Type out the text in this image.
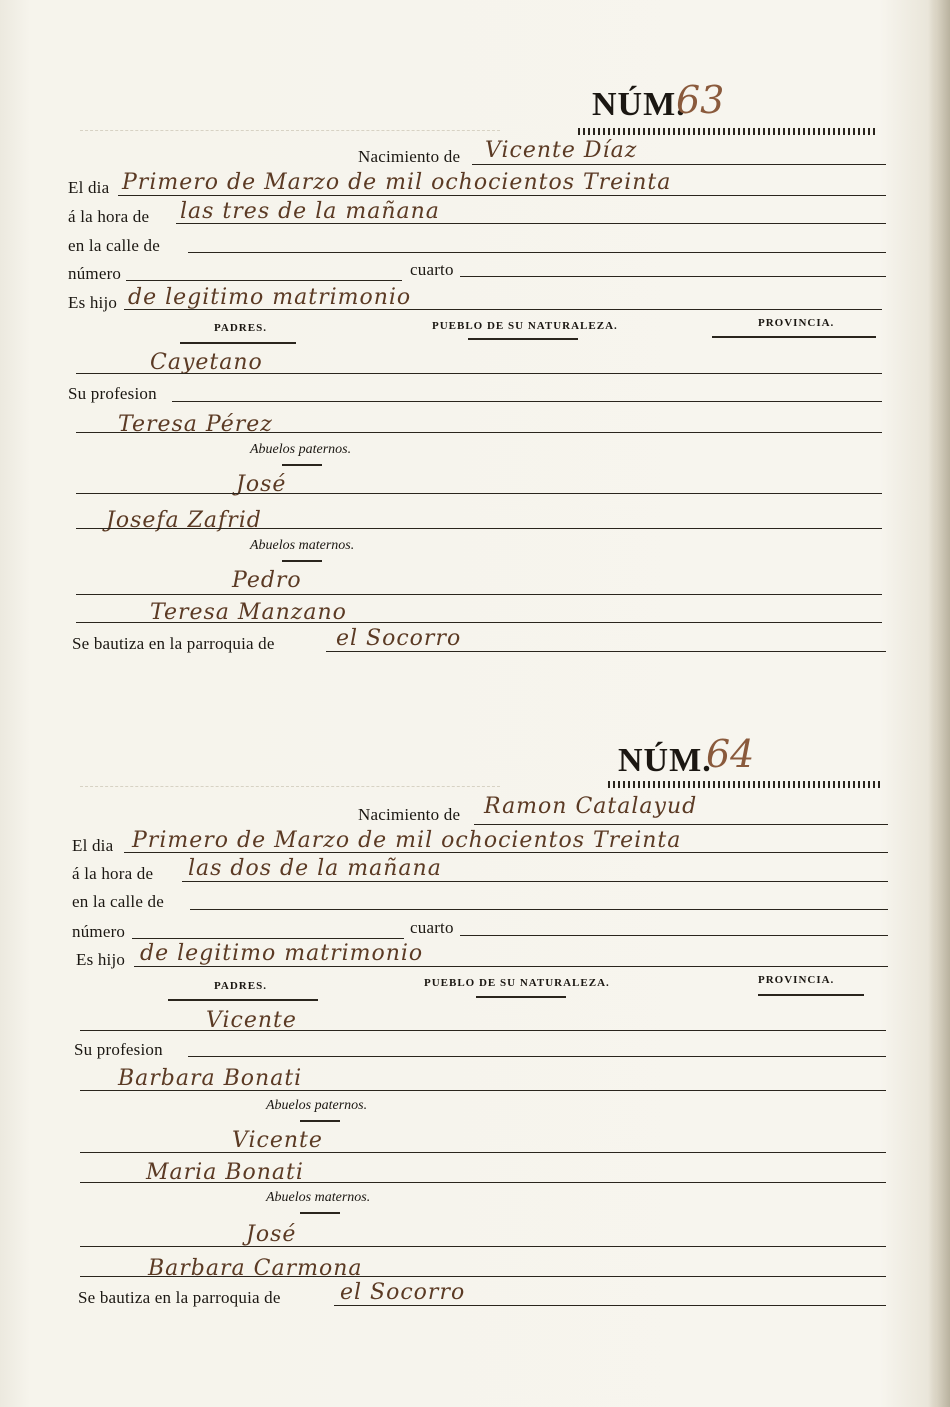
NÚM.
63
Nacimiento de Vicente Díaz
El dia Primero de Marzo de mil ochocientos Treinta
á la hora de las tres de la mañana
en la calle de
número	cuarto
Es hijo de legitimo matrimonio
PADRES.	PUEBLO DE SU NATURALEZA.	PROVINCIA.
Cayetano
Su profesion
Teresa Pérez
Abuelos paternos.
José
Josefa Zafrid
Abuelos maternos.
Pedro
Teresa Manzano
Se bautiza en la parroquia de	el Socorro
NÚM.
64
Nacimiento de Ramon Catalayud
El dia Primero de Marzo de mil ochocientos Treinta
á la hora de las dos de la mañana
en la calle de
número	cuarto
Es hijo de legitimo matrimonio
PADRES.	PUEBLO DE SU NATURALEZA.	PROVINCIA.
Vicente
Su profesion
Barbara Bonati
Abuelos paternos.
Vicente
Maria Bonati
Abuelos maternos.
José
Barbara Carmona
Se bautiza en la parroquia de	el Socorro
